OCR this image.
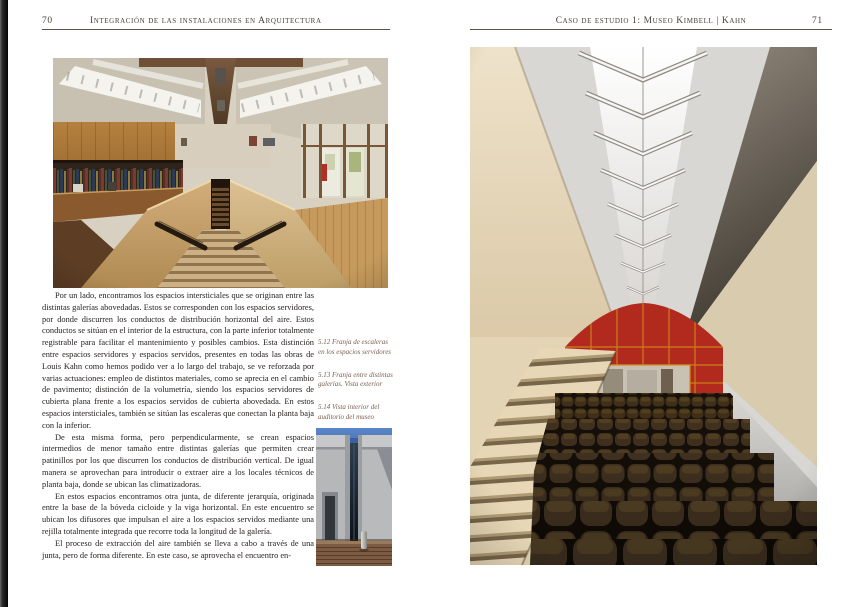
70	Integración de las instalaciones en Arquitectura

Por un lado, encontramos los espacios intersticiales que se originan entre las distintas galerías abovedadas. Estos se corresponden con los espacios servidores, por donde discurren los conductos de distribución horizontal del aire. Estos conductos se sitúan en el interior de la estructura, con la parte inferior totalmente registrable para facilitar el mantenimiento y posibles cambios. Esta distinción entre espacios servidores y espacios servidos, presentes en todas las obras de Louis Kahn como hemos podido ver a lo largo del trabajo, se ve reforzada por varias actuaciones: empleo de distintos materiales, como se aprecia en el cambio de pavimento; distinción de la volumetría, siendo los espacios servidores de cubierta plana frente a los espacios servidos de cubierta abovedada. En estos espacios intersticiales, también se sitúan las escaleras que conectan la planta baja con la inferior.

De esta misma forma, pero perpendicularmente, se crean espacios intermedios de menor tamaño entre distintas galerías que permiten crear patinillos por los que discurren los conductos de distribución vertical. De igual manera se aprovechan para introducir o extraer aire a los locales técnicos de planta baja, donde se ubican las climatizadoras.

En estos espacios encontramos otra junta, de diferente jerarquía, originada entre la base de la bóveda cicloide y la viga horizontal. En este encuentro se ubican los difusores que impulsan el aire a los espacios servidos mediante una rejilla totalmente integrada que recorre toda la longitud de la galería.

El proceso de extracción del aire también se lleva a cabo a través de una junta, pero de forma diferente. En este caso, se aprovecha el encuentro en-

5.12 Franja de escaleras en los espacios servidores

5.13 Franja entre distintas galerías. Vista exterior

5.14 Vista interior del auditorio del museo

Caso de estudio 1: Museo Kimbell | Kahn	71
